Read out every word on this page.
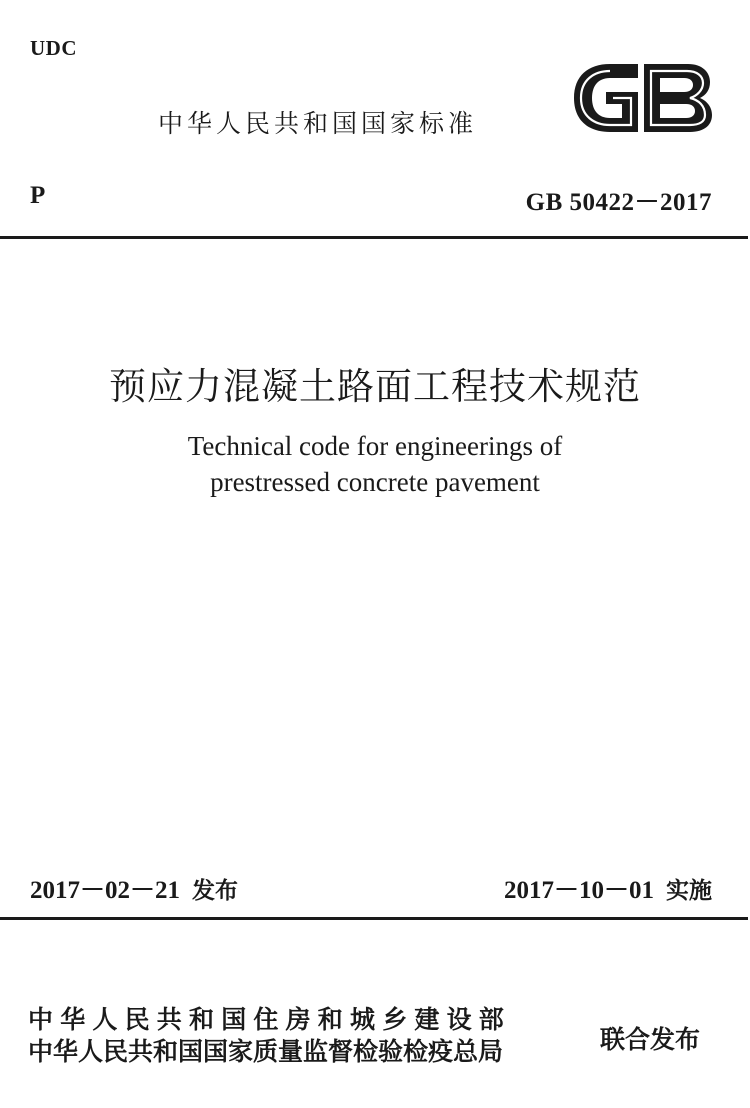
UDC
中华人民共和国国家标准
P	GB 50422－2017
预应力混凝土路面工程技术规范
Technical code for engineerings of
prestressed concrete pavement
2017－02－21 发布	2017－10－01 实施
中华人民共和国住房和城乡建设部
中华人民共和国国家质量监督检验检疫总局	联合发布
